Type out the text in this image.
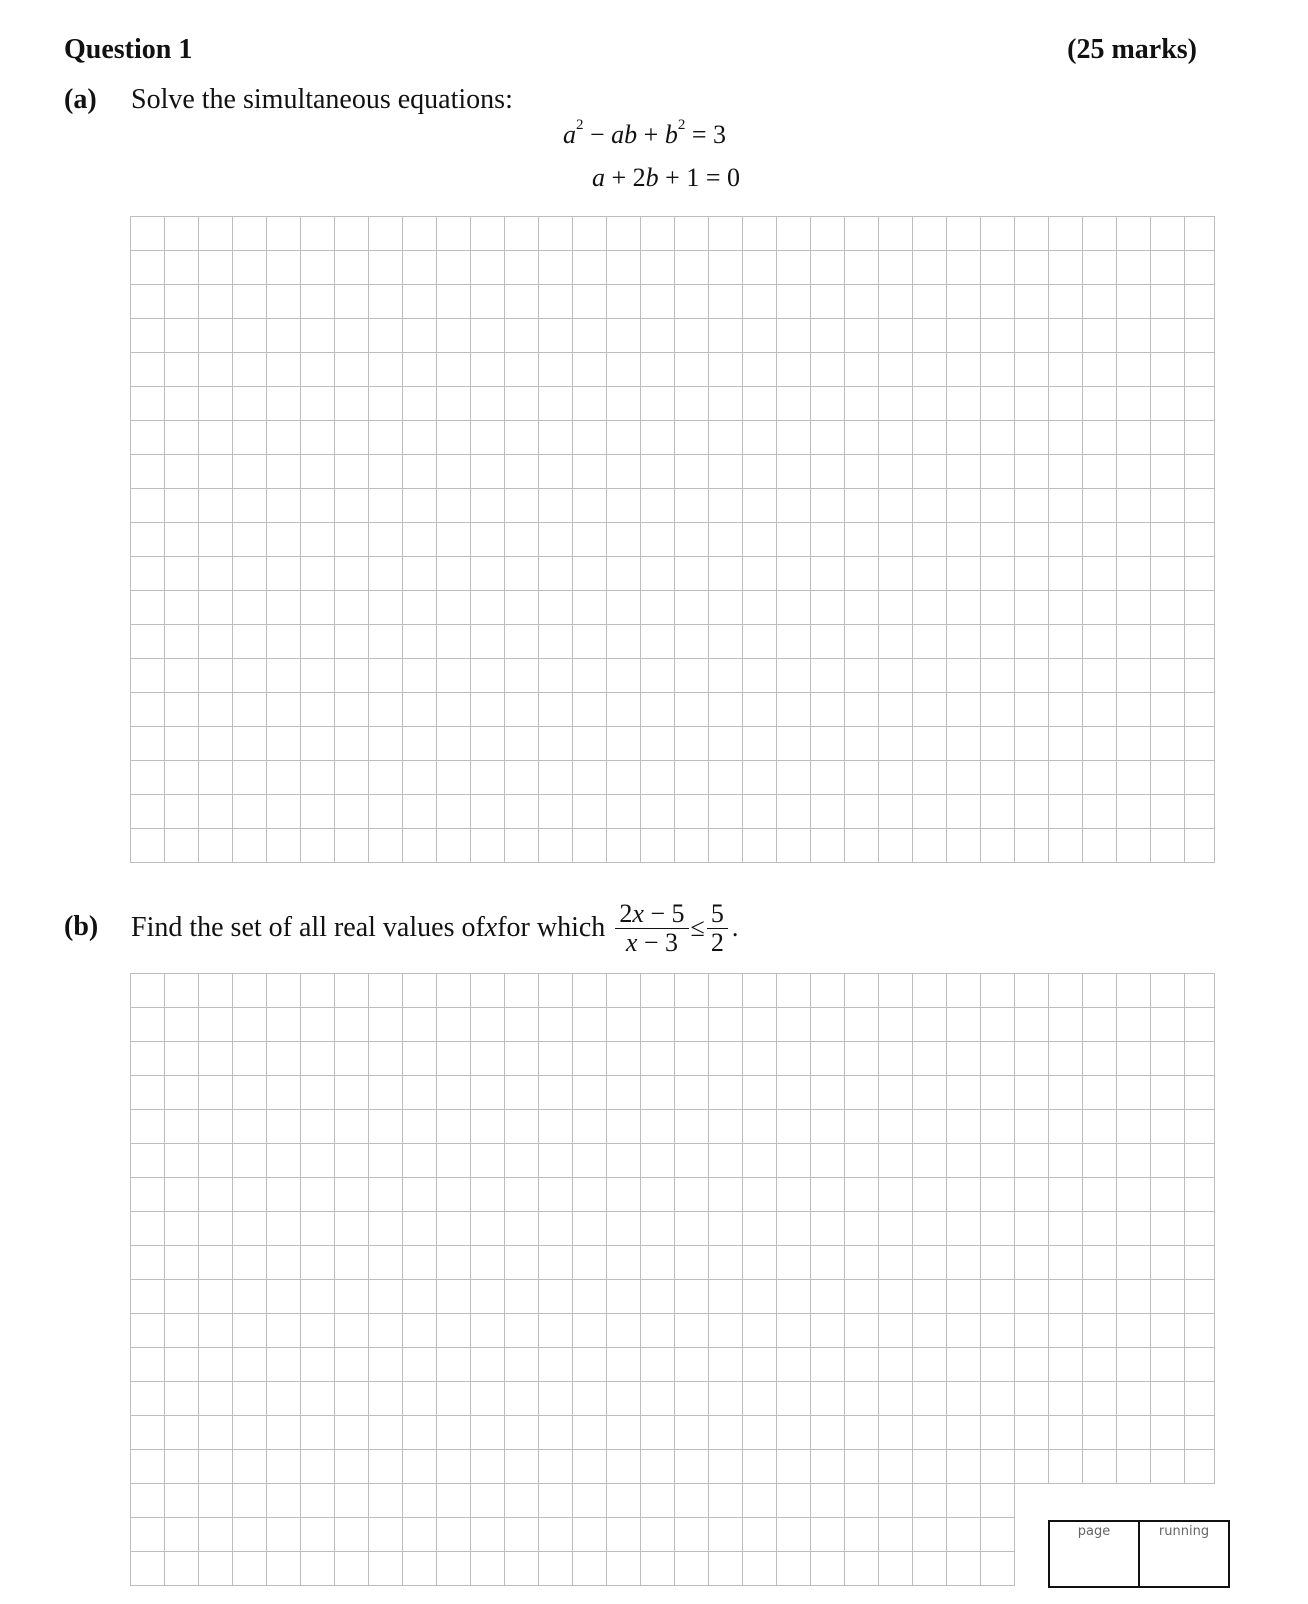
Question 1	(25 marks)
(a) Solve the simultaneous equations:
$a^2$ − ab + $b^2 = 3$
a + 2b + 1 = 0
(b) Find the set of all real values of x for which $\frac{2x - 5}{x - 3} \le \frac{5}{2}$ .
page	running
